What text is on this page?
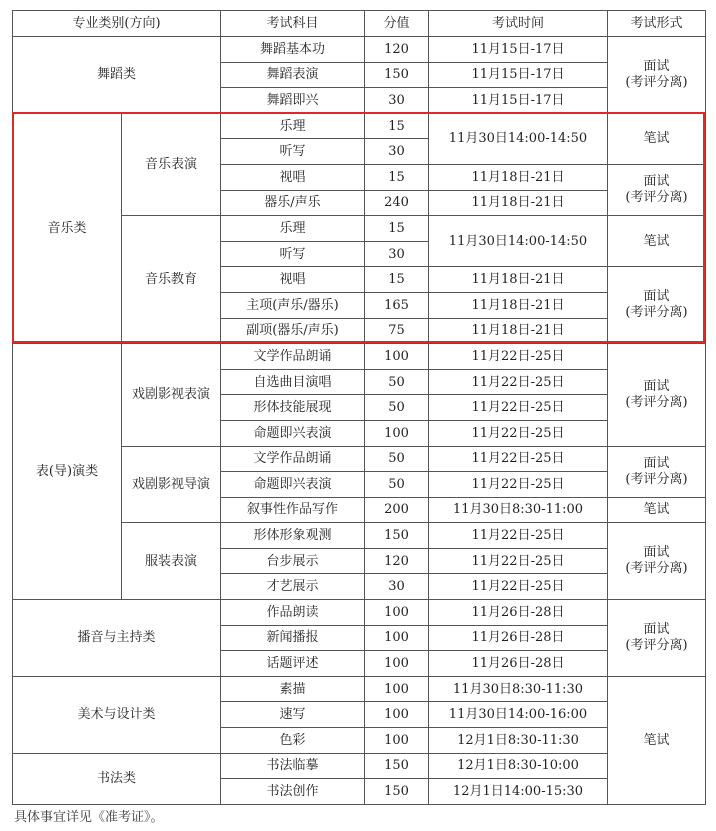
专业类别(方向)		考试科目	分值	考试时间	考试形式
舞蹈类		舞蹈基本功	120	11月15日-17日	面试
(考评分离)
		舞蹈表演	150	11月15日-17日	
		舞蹈即兴	30	11月15日-17日	
音乐类	音乐表演	乐理	15	11月30日14:00-14:50	笔试
		听写	30		
		视唱	15	11月18日-21日	面试
(考评分离)
		器乐/声乐	240	11月18日-21日	
	音乐教育	乐理	15	11月30日14:00-14:50	笔试
		听写	30		
		视唱	15	11月18日-21日	面试
(考评分离)
		主项(声乐/器乐)	165	11月18日-21日	
		副项(器乐/声乐)	75	11月18日-21日	
表(导)演类	戏剧影视表演	文学作品朗诵	100	11月22日-25日	面试
(考评分离)
		自选曲目演唱	50	11月22日-25日	
		形体技能展现	50	11月22日-25日	
		命题即兴表演	100	11月22日-25日	
	戏剧影视导演	文学作品朗诵	50	11月22日-25日	面试
(考评分离)
		命题即兴表演	50	11月22日-25日	
		叙事性作品写作	200	11月30日8:30-11:00	笔试
	服装表演	形体形象观测	150	11月22日-25日	面试
(考评分离)
		台步展示	120	11月22日-25日	
		才艺展示	30	11月22日-25日	
播音与主持类		作品朗读	100	11月26日-28日	面试
(考评分离)
		新闻播报	100	11月26日-28日	
		话题评述	100	11月26日-28日	
美术与设计类		素描	100	11月30日8:30-11:30	笔试
		速写	100	11月30日14:00-16:00	
		色彩	100	12月1日8:30-11:30	
书法类		书法临摹	150	12月1日8:30-10:00	
		书法创作	150	12月1日14:00-15:30	
具体事宜详见《准考证》。
